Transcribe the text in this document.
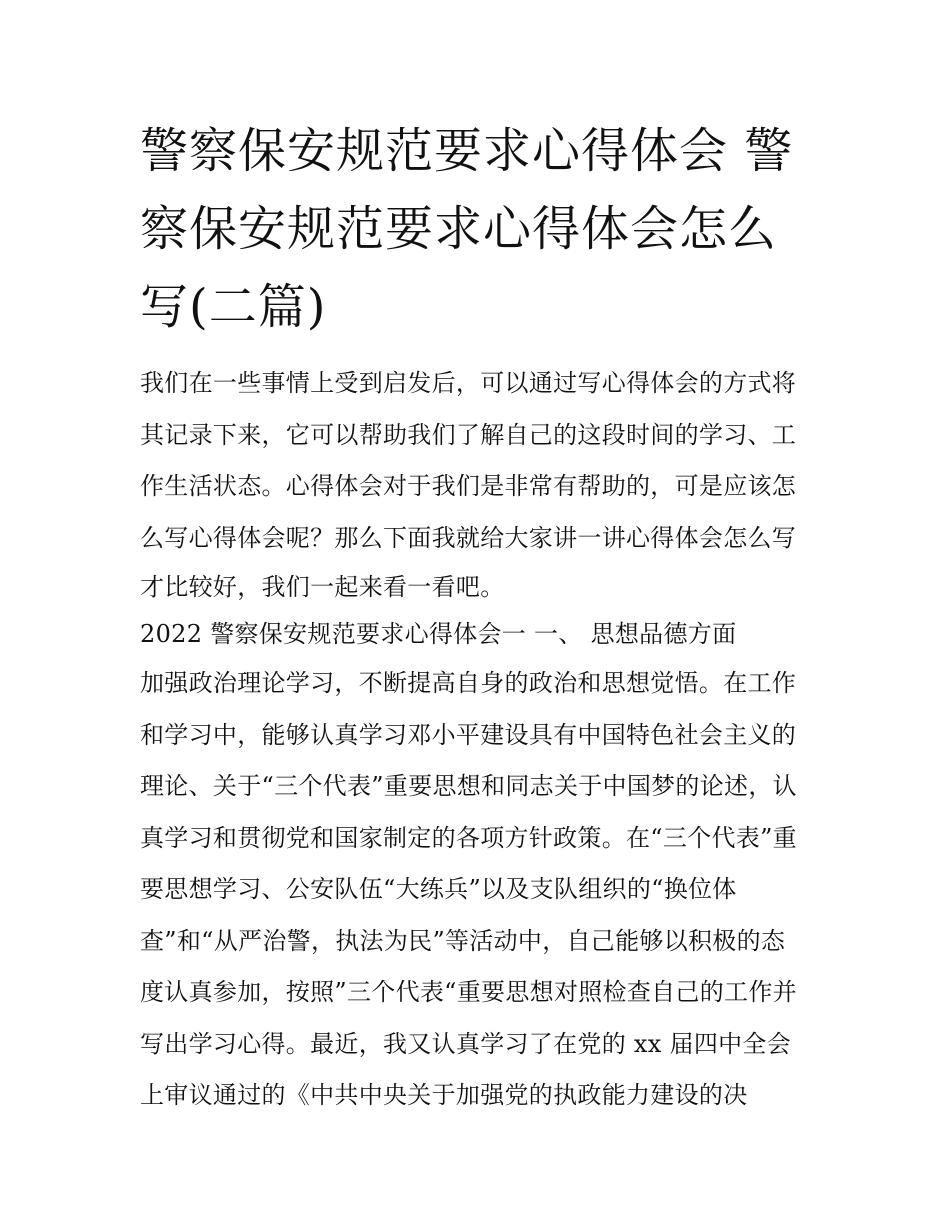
警察保安规范要求心得体会 警
察保安规范要求心得体会怎么
写(二篇)
我们在一些事情上受到启发后，可以通过写心得体会的方式将
其记录下来，它可以帮助我们了解自己的这段时间的学习、工
作生活状态。心得体会对于我们是非常有帮助的，可是应该怎
么写心得体会呢？那么下面我就给大家讲一讲心得体会怎么写
才比较好，我们一起来看一看吧。
2022 警察保安规范要求心得体会一 一、 思想品德方面
加强政治理论学习，不断提高自身的政治和思想觉悟。在工作
和学习中，能够认真学习邓小平建设具有中国特色社会主义的
理论、关于“三个代表”重要思想和同志关于中国梦的论述，认
真学习和贯彻党和国家制定的各项方针政策。在“三个代表”重
要思想学习、公安队伍“大练兵”以及支队组织的“换位体
查”和“从严治警，执法为民”等活动中，自己能够以积极的态
度认真参加，按照”三个代表“重要思想对照检查自己的工作并
写出学习心得。最近，我又认真学习了在党的 xx 届四中全会
上审议通过的《中共中央关于加强党的执政能力建设的决
